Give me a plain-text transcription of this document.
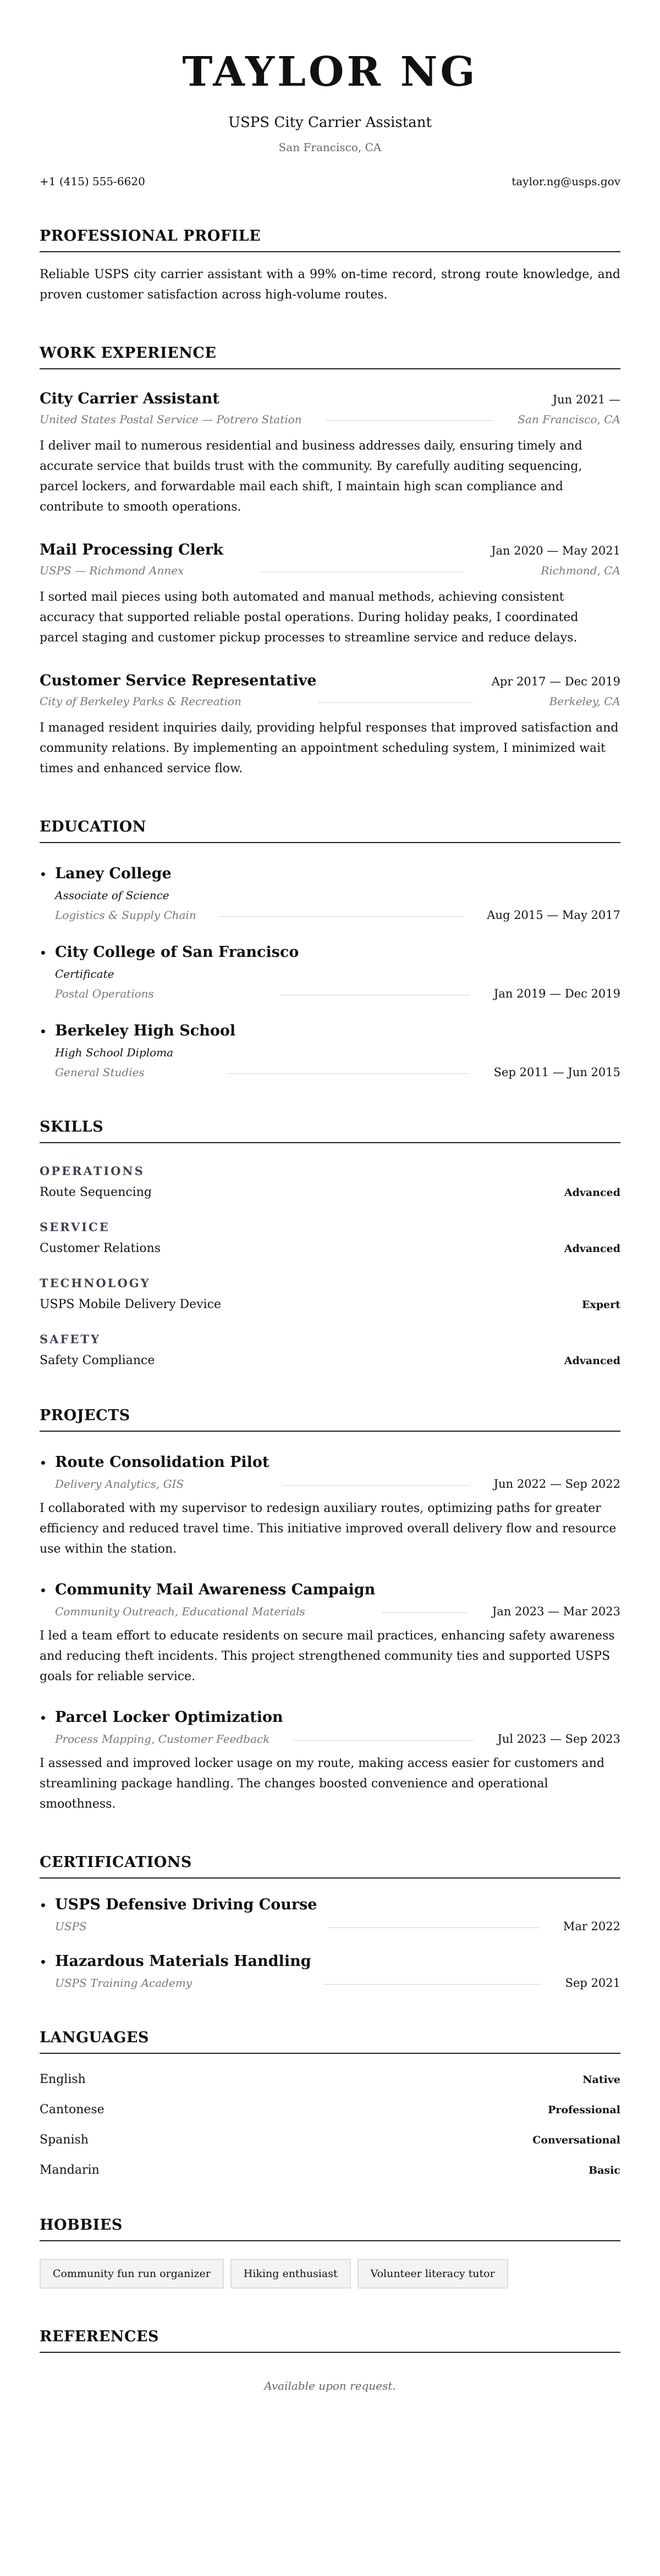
TAYLOR NG
USPS City Carrier Assistant
San Francisco, CA
+1 (415) 555-6620	taylor.ng@usps.gov
PROFESSIONAL PROFILE

Reliable USPS city carrier assistant with a 99% on-time record, strong route knowledge, and proven customer satisfaction across high-volume routes.

WORK EXPERIENCE
City Carrier Assistant	Jun 2021 —
United States Postal Service — Potrero Station	San Francisco, CA

I deliver mail to numerous residential and business addresses daily, ensuring timely and accurate service that builds trust with the community. By carefully auditing sequencing, parcel lockers, and forwardable mail each shift, I maintain high scan compliance and contribute to smooth operations.

Mail Processing Clerk	Jan 2020 — May 2021
USPS — Richmond Annex	Richmond, CA

I sorted mail pieces using both automated and manual methods, achieving consistent accuracy that supported reliable postal operations. During holiday peaks, I coordinated parcel staging and customer pickup processes to streamline service and reduce delays.

Customer Service Representative	Apr 2017 — Dec 2019
City of Berkeley Parks & Recreation	Berkeley, CA

I managed resident inquiries daily, providing helpful responses that improved satisfaction and community relations. By implementing an appointment scheduling system, I minimized wait times and enhanced service flow.

EDUCATION
• Laney College
Associate of Science
Logistics & Supply Chain	Aug 2015 — May 2017
• City College of San Francisco
Certificate
Postal Operations	Jan 2019 — Dec 2019
• Berkeley High School
High School Diploma
General Studies	Sep 2011 — Jun 2015
SKILLS
OPERATIONS
Route Sequencing	Advanced
SERVICE
Customer Relations	Advanced
TECHNOLOGY
USPS Mobile Delivery Device	Expert
SAFETY
Safety Compliance	Advanced
PROJECTS
• Route Consolidation Pilot
Delivery Analytics, GIS	Jun 2022 — Sep 2022

I collaborated with my supervisor to redesign auxiliary routes, optimizing paths for greater efficiency and reduced travel time. This initiative improved overall delivery flow and resource use within the station.

• Community Mail Awareness Campaign
Community Outreach, Educational Materials	Jan 2023 — Mar 2023

I led a team effort to educate residents on secure mail practices, enhancing safety awareness and reducing theft incidents. This project strengthened community ties and supported USPS goals for reliable service.

• Parcel Locker Optimization
Process Mapping, Customer Feedback	Jul 2023 — Sep 2023

I assessed and improved locker usage on my route, making access easier for customers and streamlining package handling. The changes boosted convenience and operational smoothness.

CERTIFICATIONS
• USPS Defensive Driving Course
USPS	Mar 2022
• Hazardous Materials Handling
USPS Training Academy	Sep 2021
LANGUAGES
English	Native
Cantonese	Professional
Spanish	Conversational
Mandarin	Basic
HOBBIES
Community fun run organizer	Hiking enthusiast	Volunteer literacy tutor
REFERENCES

Available upon request.
